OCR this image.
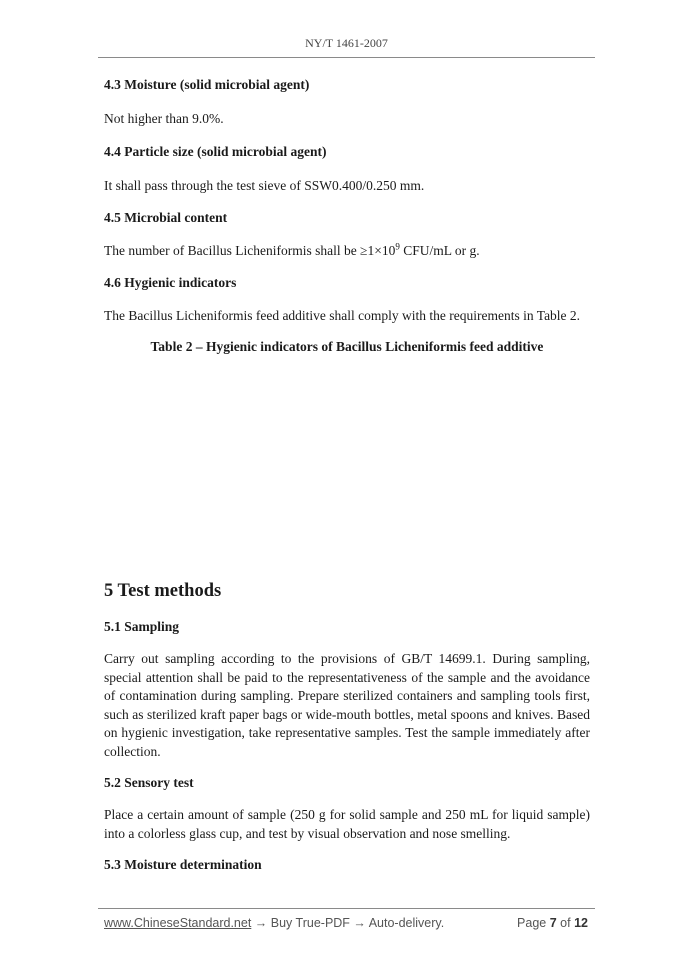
NY/T 1461-2007

4.3 Moisture (solid microbial agent)

Not higher than 9.0%.

4.4 Particle size (solid microbial agent)

It shall pass through the test sieve of SSW0.400/0.250 mm.

4.5 Microbial content

The number of Bacillus Licheniformis shall be $\ge 1\times 10^9$ CFU/mL or g.

4.6 Hygienic indicators

The Bacillus Licheniformis feed additive shall comply with the requirements in Table 2.

Table 2 – Hygienic indicators of Bacillus Licheniformis feed additive

5 Test methods

5.1 Sampling

Carry out sampling according to the provisions of GB/T 14699.1. During sampling, special attention shall be paid to the representativeness of the sample and the avoidance of contamination during sampling. Prepare sterilized containers and sampling tools first, such as sterilized kraft paper bags or wide-mouth bottles, metal spoons and knives. Based on hygienic investigation, take representative samples. Test the sample immediately after collection.

5.2 Sensory test

Place a certain amount of sample (250 g for solid sample and 250 mL for liquid sample) into a colorless glass cup, and test by visual observation and nose smelling.

5.3 Moisture determination

www.ChineseStandard.net → Buy True-PDF → Auto-delivery.	Page 7 of 12
